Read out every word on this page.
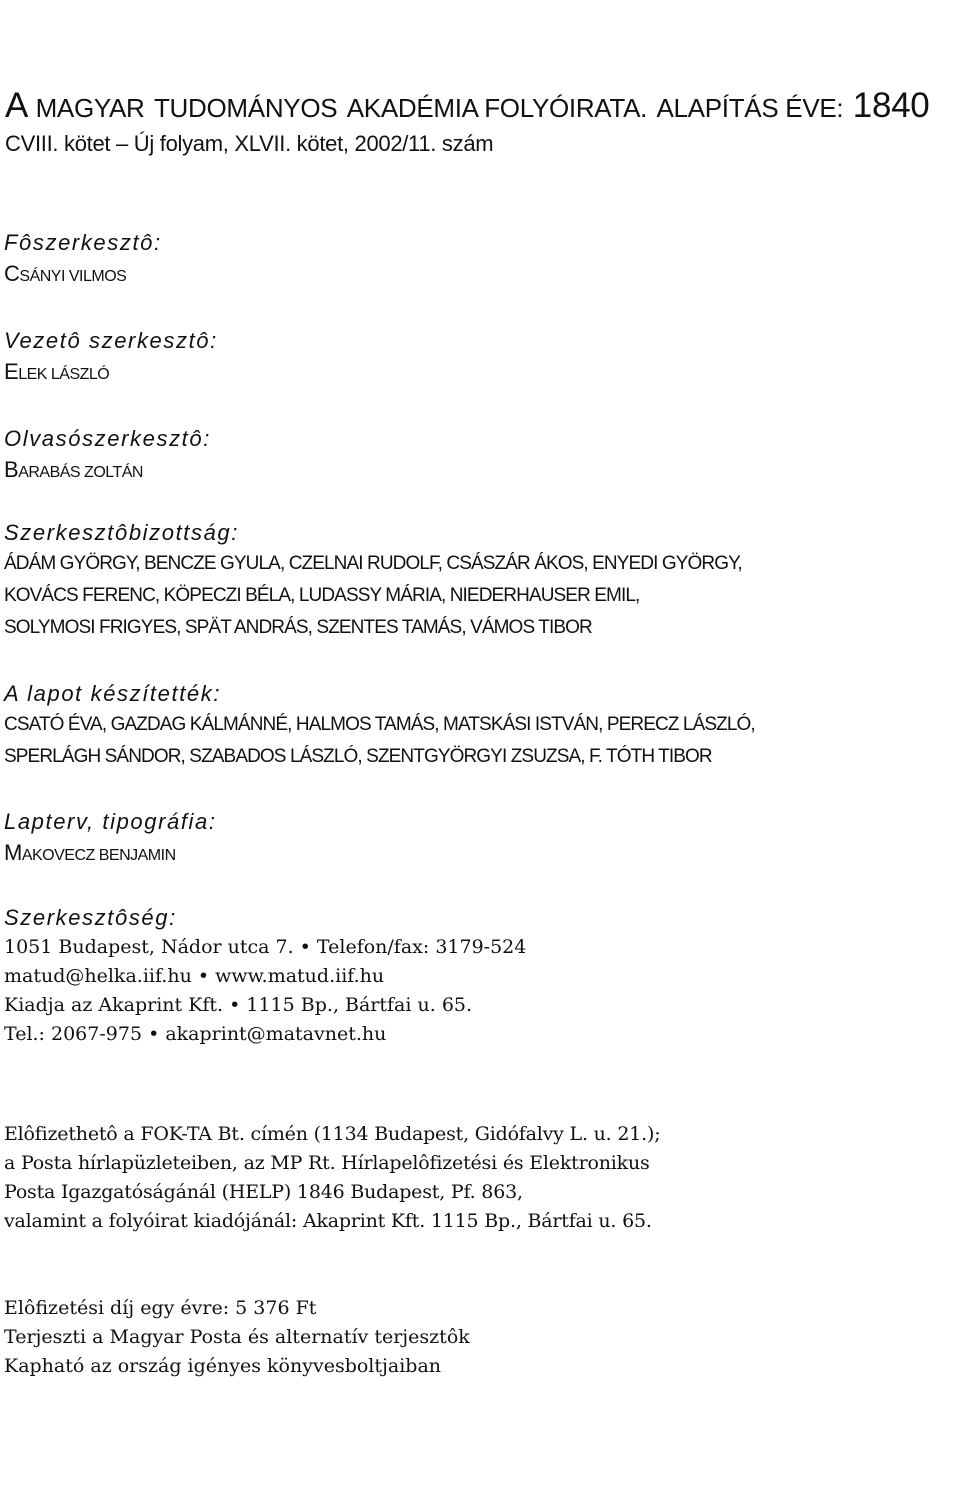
A MAGYAR TUDOMÁNYOS AKADÉMIA FOLYÓIRATA. ALAPÍTÁS ÉVE: 1840
CVIII. kötet – Új folyam, XLVII. kötet, 2002/11. szám
Fôszerkesztô:
CSÁNYI VILMOS
Vezetô szerkesztô:
ELEK LÁSZLÓ
Olvasószerkesztô:
BARABÁS ZOLTÁN
Szerkesztôbizottság:
ÁDÁM GYÖRGY, BENCZE GYULA, CZELNAI RUDOLF, CSÁSZÁR ÁKOS, ENYEDI GYÖRGY,
KOVÁCS FERENC, KÖPECZI BÉLA, LUDASSY MÁRIA, NIEDERHAUSER EMIL,
SOLYMOSI FRIGYES, SPÄT ANDRÁS, SZENTES TAMÁS, VÁMOS TIBOR
A lapot készítették:
CSATÓ ÉVA, GAZDAG KÁLMÁNNÉ, HALMOS TAMÁS, MATSKÁSI ISTVÁN, PERECZ LÁSZLÓ,
SPERLÁGH SÁNDOR, SZABADOS LÁSZLÓ, SZENTGYÖRGYI ZSUZSA, F. TÓTH TIBOR
Lapterv, tipográfia:
MAKOVECZ BENJAMIN
Szerkesztôség:
1051 Budapest, Nádor utca 7. • Telefon/fax: 3179-524
matud@helka.iif.hu • www.matud.iif.hu
Kiadja az Akaprint Kft. • 1115 Bp., Bártfai u. 65.
Tel.: 2067-975 • akaprint@matavnet.hu
Elôfizethetô a FOK-TA Bt. címén (1134 Budapest, Gidófalvy L. u. 21.);
a Posta hírlapüzleteiben, az MP Rt. Hírlapelôfizetési és Elektronikus
Posta Igazgatóságánál (HELP) 1846 Budapest, Pf. 863,
valamint a folyóirat kiadójánál: Akaprint Kft. 1115 Bp., Bártfai u. 65.
Elôfizetési díj egy évre: 5 376 Ft
Terjeszti a Magyar Posta és alternatív terjesztôk
Kapható az ország igényes könyvesboltjaiban
